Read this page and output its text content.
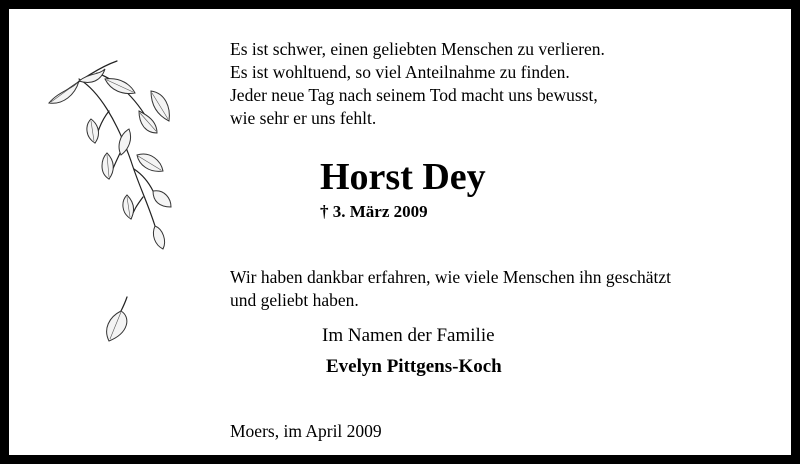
Es ist schwer, einen geliebten Menschen zu verlieren.
Es ist wohltuend, so viel Anteilnahme zu finden.
Jeder neue Tag nach seinem Tod macht uns bewusst,
wie sehr er uns fehlt.
Horst Dey
† 3. März 2009
Wir haben dankbar erfahren, wie viele Menschen ihn geschätzt
und geliebt haben.
Im Namen der Familie
Evelyn Pittgens-Koch
Moers, im April 2009
